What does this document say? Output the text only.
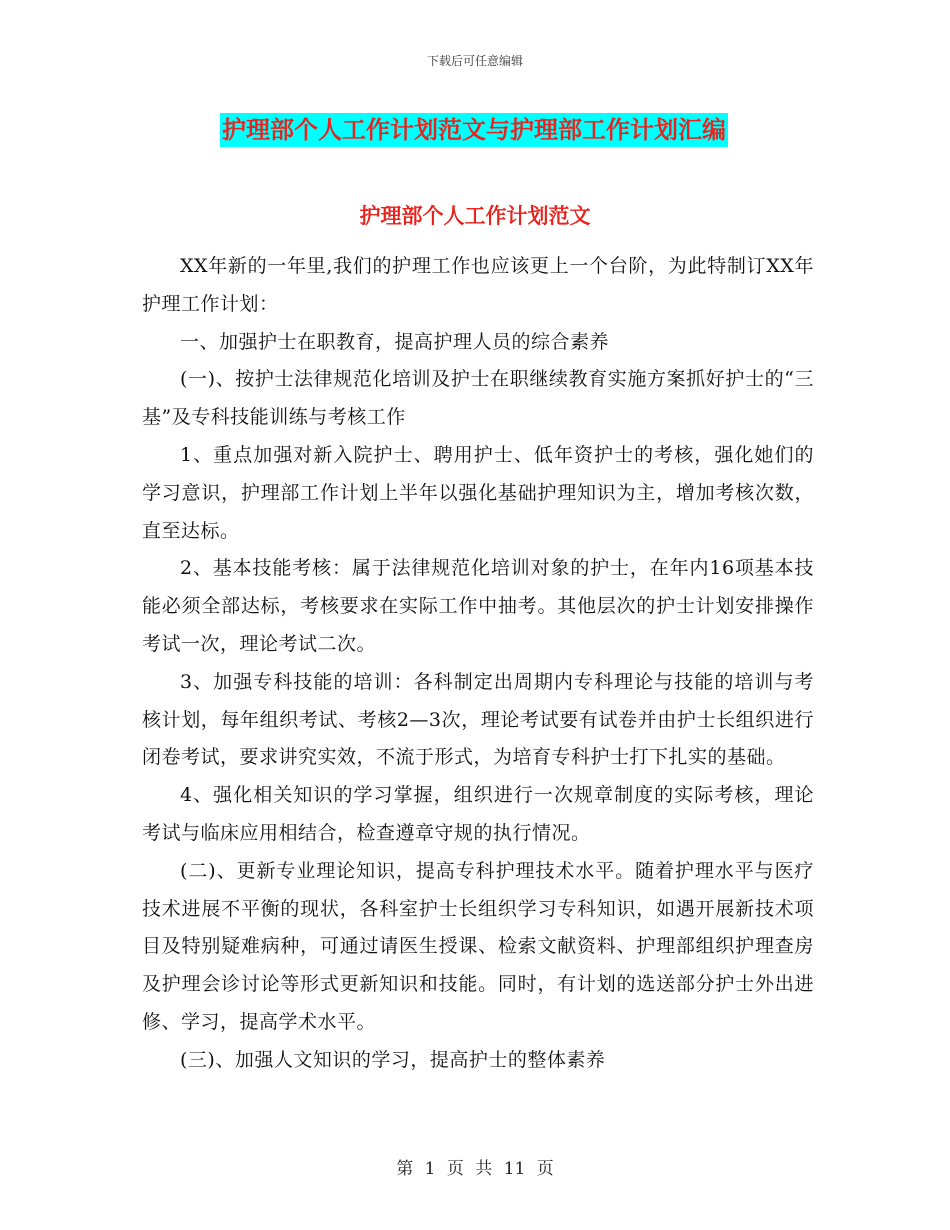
下载后可任意编辑
护理部个人工作计划范文与护理部工作计划汇编
护理部个人工作计划范文

XX年新的一年里,我们的护理工作也应该更上一个台阶，为此特制订XX年护理工作计划：

一、加强护士在职教育，提高护理人员的综合素养

(一)、按护士法律规范化培训及护士在职继续教育实施方案抓好护士的“三基”及专科技能训练与考核工作

1、重点加强对新入院护士、聘用护士、低年资护士的考核，强化她们的学习意识，护理部工作计划上半年以强化基础护理知识为主，增加考核次数，直至达标。

2、基本技能考核：属于法律规范化培训对象的护士，在年内16项基本技能必须全部达标，考核要求在实际工作中抽考。其他层次的护士计划安排操作考试一次，理论考试二次。

3、加强专科技能的培训：各科制定出周期内专科理论与技能的培训与考核计划，每年组织考试、考核2—3次，理论考试要有试卷并由护士长组织进行闭卷考试，要求讲究实效，不流于形式，为培育专科护士打下扎实的基础。

4、强化相关知识的学习掌握，组织进行一次规章制度的实际考核，理论考试与临床应用相结合，检查遵章守规的执行情况。

(二)、更新专业理论知识，提高专科护理技术水平。随着护理水平与医疗技术进展不平衡的现状，各科室护士长组织学习专科知识，如遇开展新技术项目及特别疑难病种，可通过请医生授课、检索文献资料、护理部组织护理查房及护理会诊讨论等形式更新知识和技能。同时，有计划的选送部分护士外出进修、学习，提高学术水平。

(三)、加强人文知识的学习，提高护士的整体素养

第 1 页 共 11 页
